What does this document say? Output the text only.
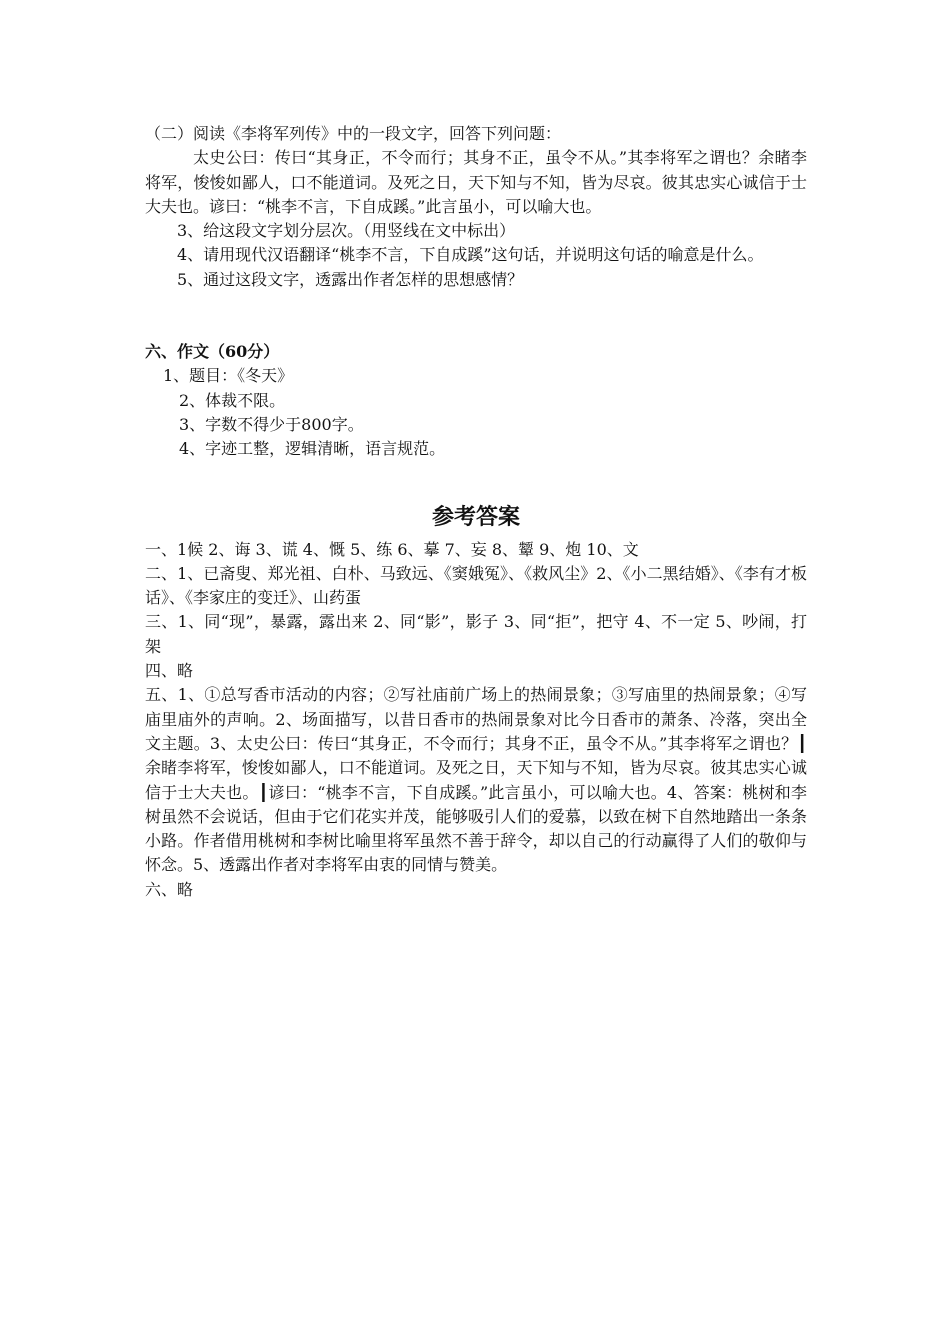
（二）阅读《李将军列传》中的一段文字，回答下列问题：

太史公曰：传曰“其身正，不令而行；其身不正，虽令不从。”其李将军之谓也？余睹李将军，悛悛如鄙人，口不能道词。及死之日，天下知与不知，皆为尽哀。彼其忠实心诚信于士大夫也。谚曰：“桃李不言，下自成蹊。”此言虽小，可以喻大也。

3、给这段文字划分层次。（用竖线在文中标出）

4、请用现代汉语翻译“桃李不言，下自成蹊”这句话，并说明这句话的喻意是什么。

5、通过这段文字，透露出作者怎样的思想感情？

六、作文（60分）

1、题目：《冬天》

2、体裁不限。

3、字数不得少于800字。

4、字迹工整，逻辑清晰，语言规范。

参考答案

一、1候 2、诲 3、谎 4、慨 5、练 6、摹 7、妄 8、颦 9、炮 10、文

二、1、已斋叟、郑光祖、白朴、马致远、《窦娥冤》、《救风尘》2、《小二黑结婚》、《李有才板话》、《李家庄的变迁》、山药蛋

三、1、同“现”，暴露，露出来 2、同“影”，影子 3、同“拒”，把守 4、不一定 5、吵闹，打架

四、略

五、1、①总写香市活动的内容；②写社庙前广场上的热闹景象；③写庙里的热闹景象；④写庙里庙外的声响。2、场面描写，以昔日香市的热闹景象对比今日香市的萧条、冷落，突出全文主题。3、太史公曰：传曰“其身正，不令而行；其身不正，虽令不从。”其李将军之谓也？┃余睹李将军，悛悛如鄙人，口不能道词。及死之日，天下知与不知，皆为尽哀。彼其忠实心诚信于士大夫也。┃谚曰：“桃李不言，下自成蹊。”此言虽小，可以喻大也。4、答案：桃树和李树虽然不会说话，但由于它们花实并茂，能够吸引人们的爱慕，以致在树下自然地踏出一条条小路。作者借用桃树和李树比喻里将军虽然不善于辞令，却以自己的行动赢得了人们的敬仰与怀念。5、透露出作者对李将军由衷的同情与赞美。

六、略
